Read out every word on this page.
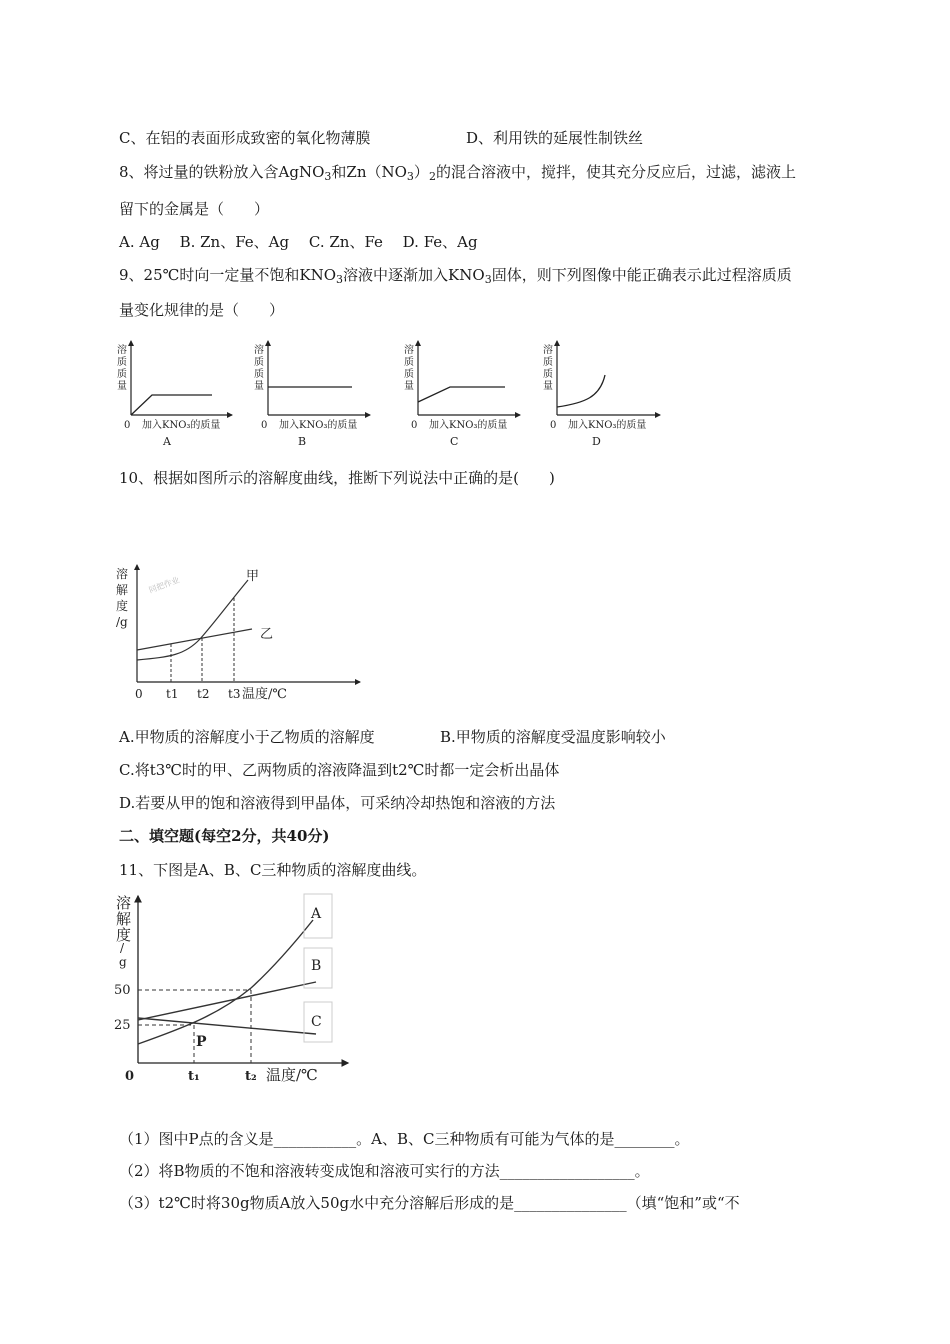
C、在铝的表面形成致密的氧化物薄膜	D、利用铁的延展性制铁丝
8、将过量的铁粉放入含AgNO$_3$和$Zn(NO_3)_2$的混合溶液中，搅拌，使其充分反应后，过滤，滤液上
留下的金属是（　　）
A. Ag　 B. Zn、Fe、Ag　 C. Zn、Fe　 D. Fe、Ag
9、25℃时向一定量不饱和$KNO_3$溶液中逐渐加入$KNO_3$固体，则下列图像中能正确表示此过程溶质质
量变化规律的是（　　）
溶
质
质
量
0 加入KNO₃的质量
A
溶
质
质
量
0 加入KNO₃的质量
B
溶
质
质
量
0 加入KNO₃的质量
C
溶
质
质
量
0 加入KNO₃的质量
D
10、根据如图所示的溶解度曲线，推断下列说法中正确的是(　　)
溶
解
度
/g
同把作业	甲
乙
0 t1 t2 t3 温度/℃
A.甲物质的溶解度小于乙物质的溶解度	B.甲物质的溶解度受温度影响较小
C.将t3℃时的甲、乙两物质的溶液降温到t2℃时都一定会析出晶体
D.若要从甲的饱和溶液得到甲晶体，可采纳冷却热饱和溶液的方法
二、填空题(每空2分，共40分)
11、下图是A、B、C三种物质的溶解度曲线。
溶
解
度
/
g
A
B
C
50
25
P
0	t₁	t₂ 温度/℃
（1）图中P点的含义是___________。A、B、C三种物质有可能为气体的是________。
（2）将B物质的不饱和溶液转变成饱和溶液可实行的方法__________________。
（3）t2℃时将30g物质A放入50g水中充分溶解后形成的是_______________（填“饱和”或“不
